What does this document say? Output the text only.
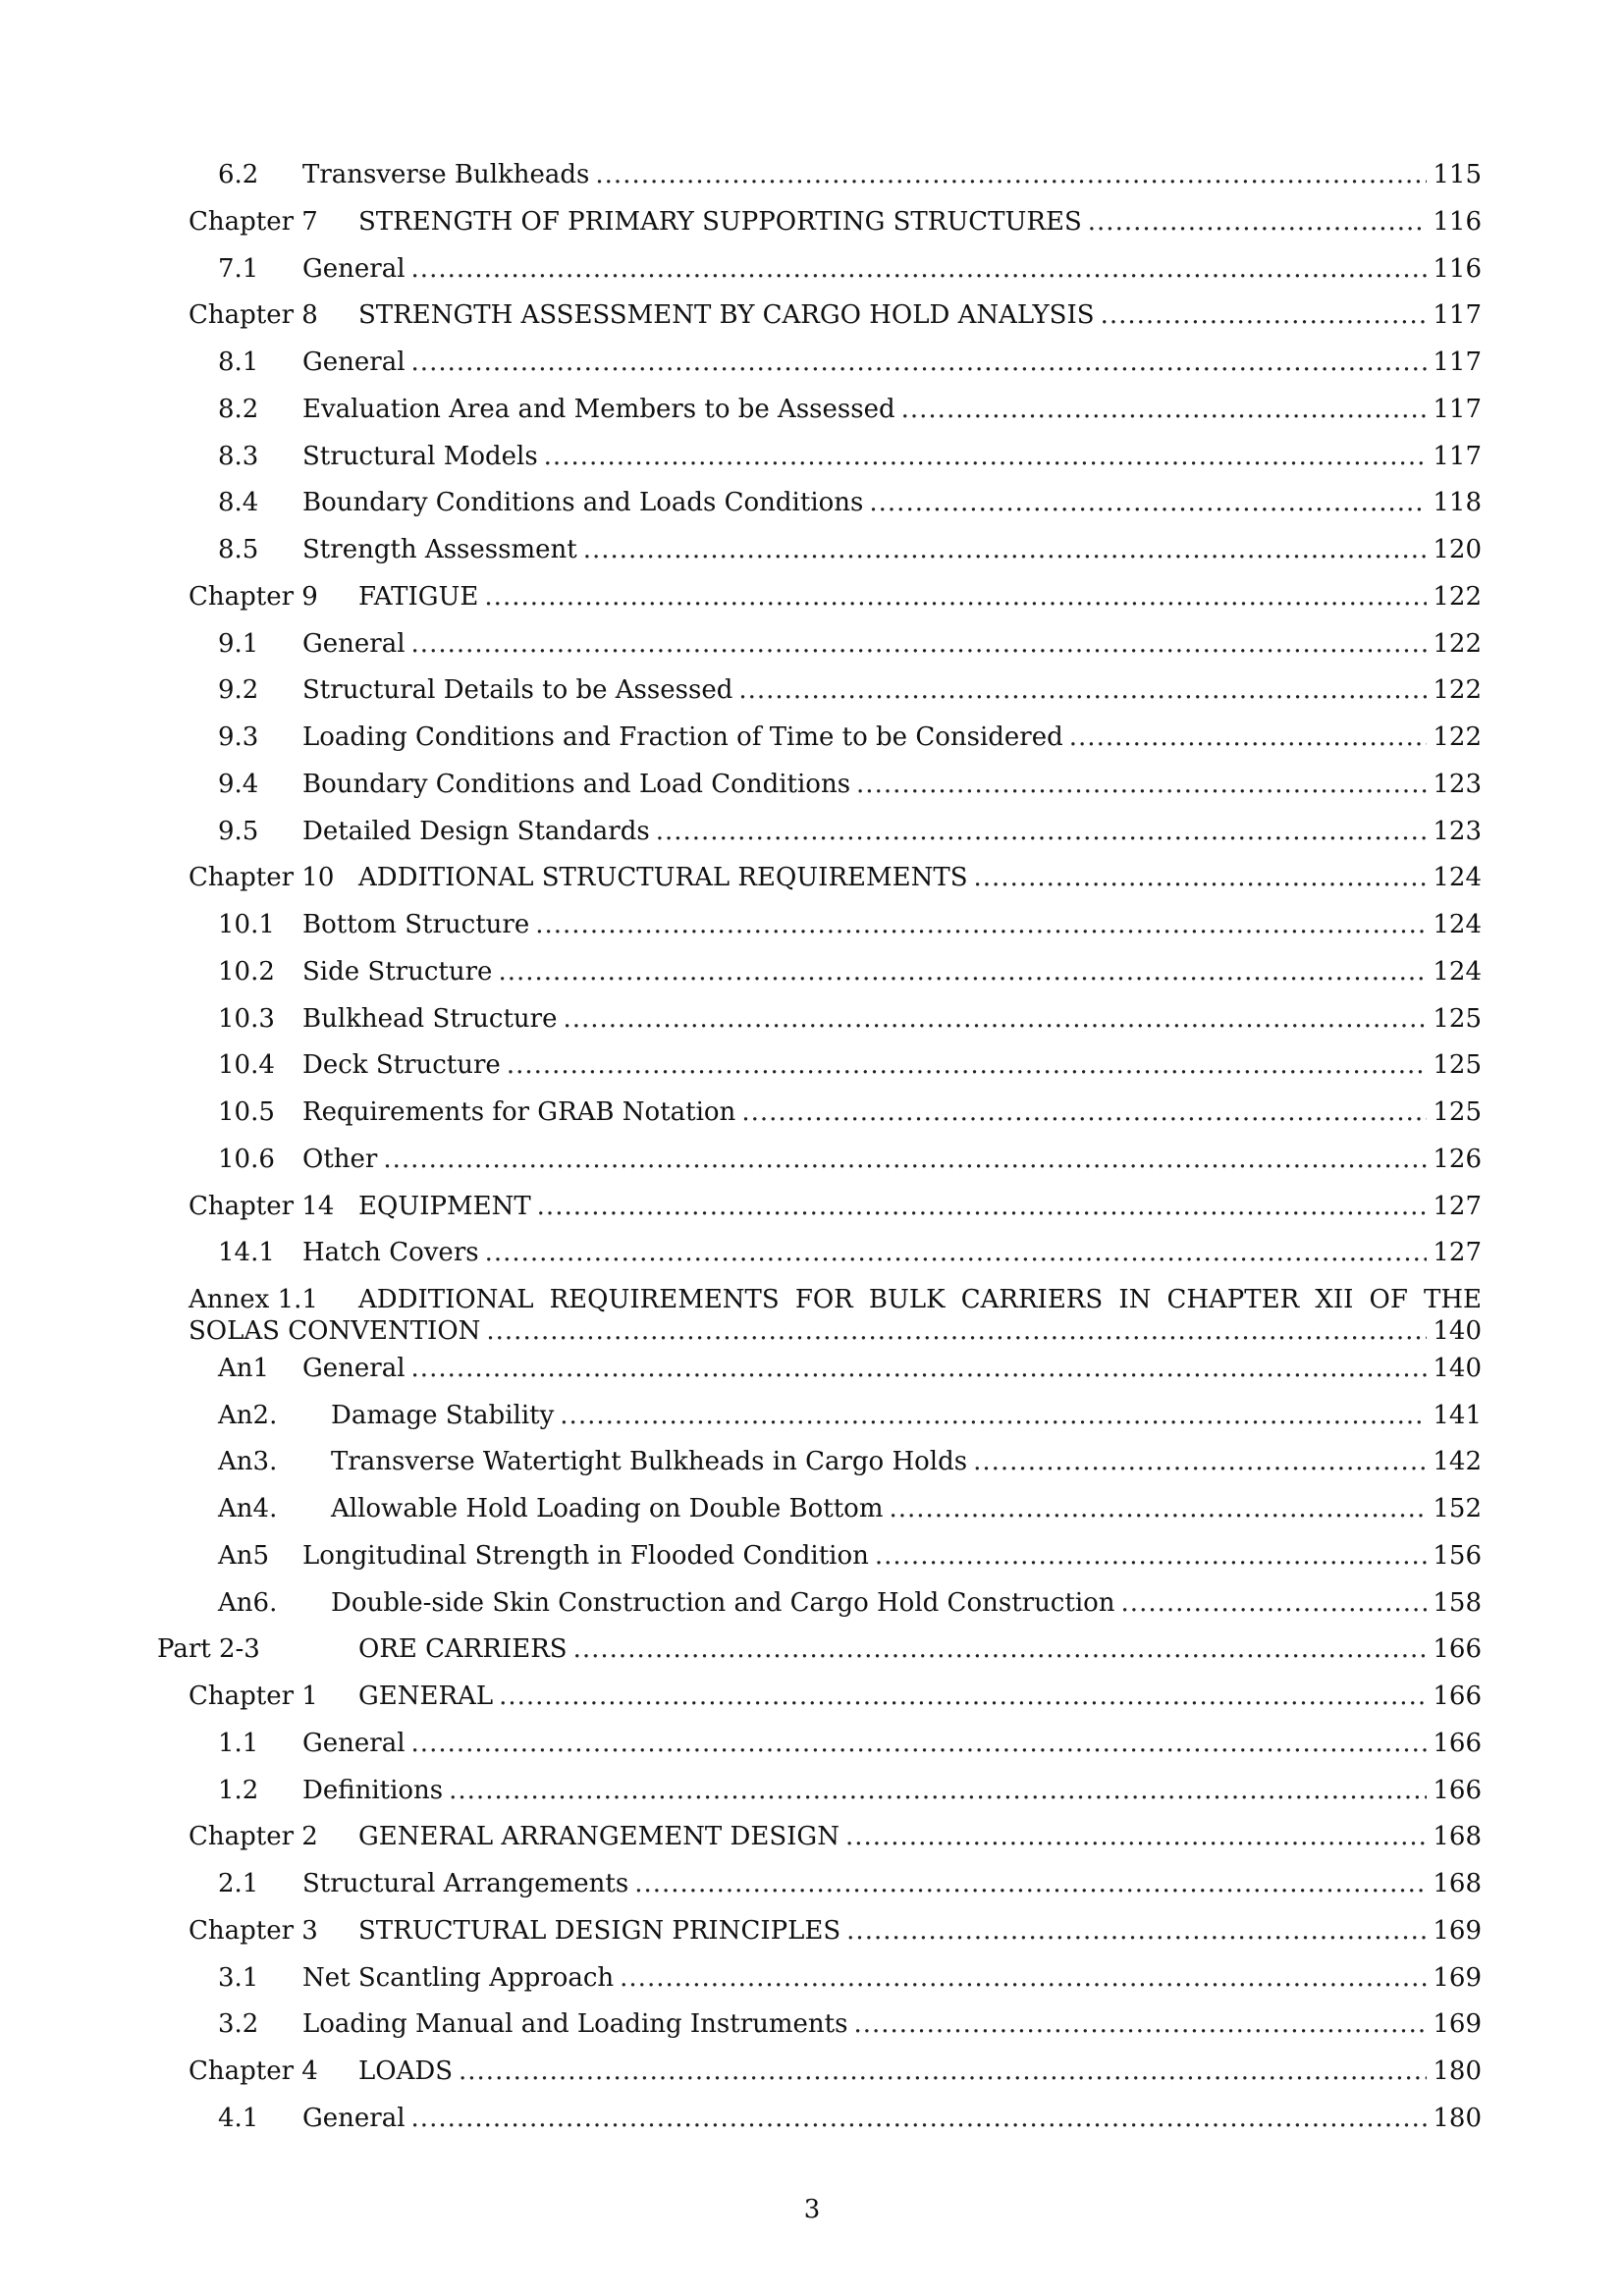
6.2	Transverse Bulkheads .....	115
Chapter 7	STRENGTH OF PRIMARY SUPPORTING STRUCTURES .....	116
7.1	General .....	116
Chapter 8	STRENGTH ASSESSMENT BY CARGO HOLD ANALYSIS .....	117
8.1	General .....	117
8.2	Evaluation Area and Members to be Assessed .....	117
8.3	Structural Models .....	117
8.4	Boundary Conditions and Loads Conditions .....	118
8.5	Strength Assessment .....	120
Chapter 9	FATIGUE .....	122
9.1	General .....	122
9.2	Structural Details to be Assessed .....	122
9.3	Loading Conditions and Fraction of Time to be Considered .....	122
9.4	Boundary Conditions and Load Conditions .....	123
9.5	Detailed Design Standards .....	123
Chapter 10 ADDITIONAL STRUCTURAL REQUIREMENTS .....	124
10.1	Bottom Structure .....	124
10.2	Side Structure .....	124
10.3	Bulkhead Structure .....	125
10.4	Deck Structure .....	125
10.5	Requirements for GRAB Notation .....	125
10.6	Other .....	126
Chapter 14 EQUIPMENT .....	127
14.1	Hatch Covers .....	127
Annex 1.1	ADDITIONAL REQUIREMENTS FOR BULK CARRIERS IN CHAPTER XII OF THE
SOLAS CONVENTION .....	140
An1	General .....	140
An2.	Damage Stability .....	141
An3.	Transverse Watertight Bulkheads in Cargo Holds .....	142
An4.	Allowable Hold Loading on Double Bottom .....	152
An5	Longitudinal Strength in Flooded Condition .....	156
An6.	Double-side Skin Construction and Cargo Hold Construction .....	158
Part 2-3	ORE CARRIERS .....	166
Chapter 1	GENERAL .....	166
1.1	General .....	166
1.2	Definitions .....	166
Chapter 2	GENERAL ARRANGEMENT DESIGN .....	168
2.1	Structural Arrangements .....	168
Chapter 3	STRUCTURAL DESIGN PRINCIPLES .....	169
3.1	Net Scantling Approach .....	169
3.2	Loading Manual and Loading Instruments .....	169
Chapter 4	LOADS .....	180
4.1	General .....	180
3
